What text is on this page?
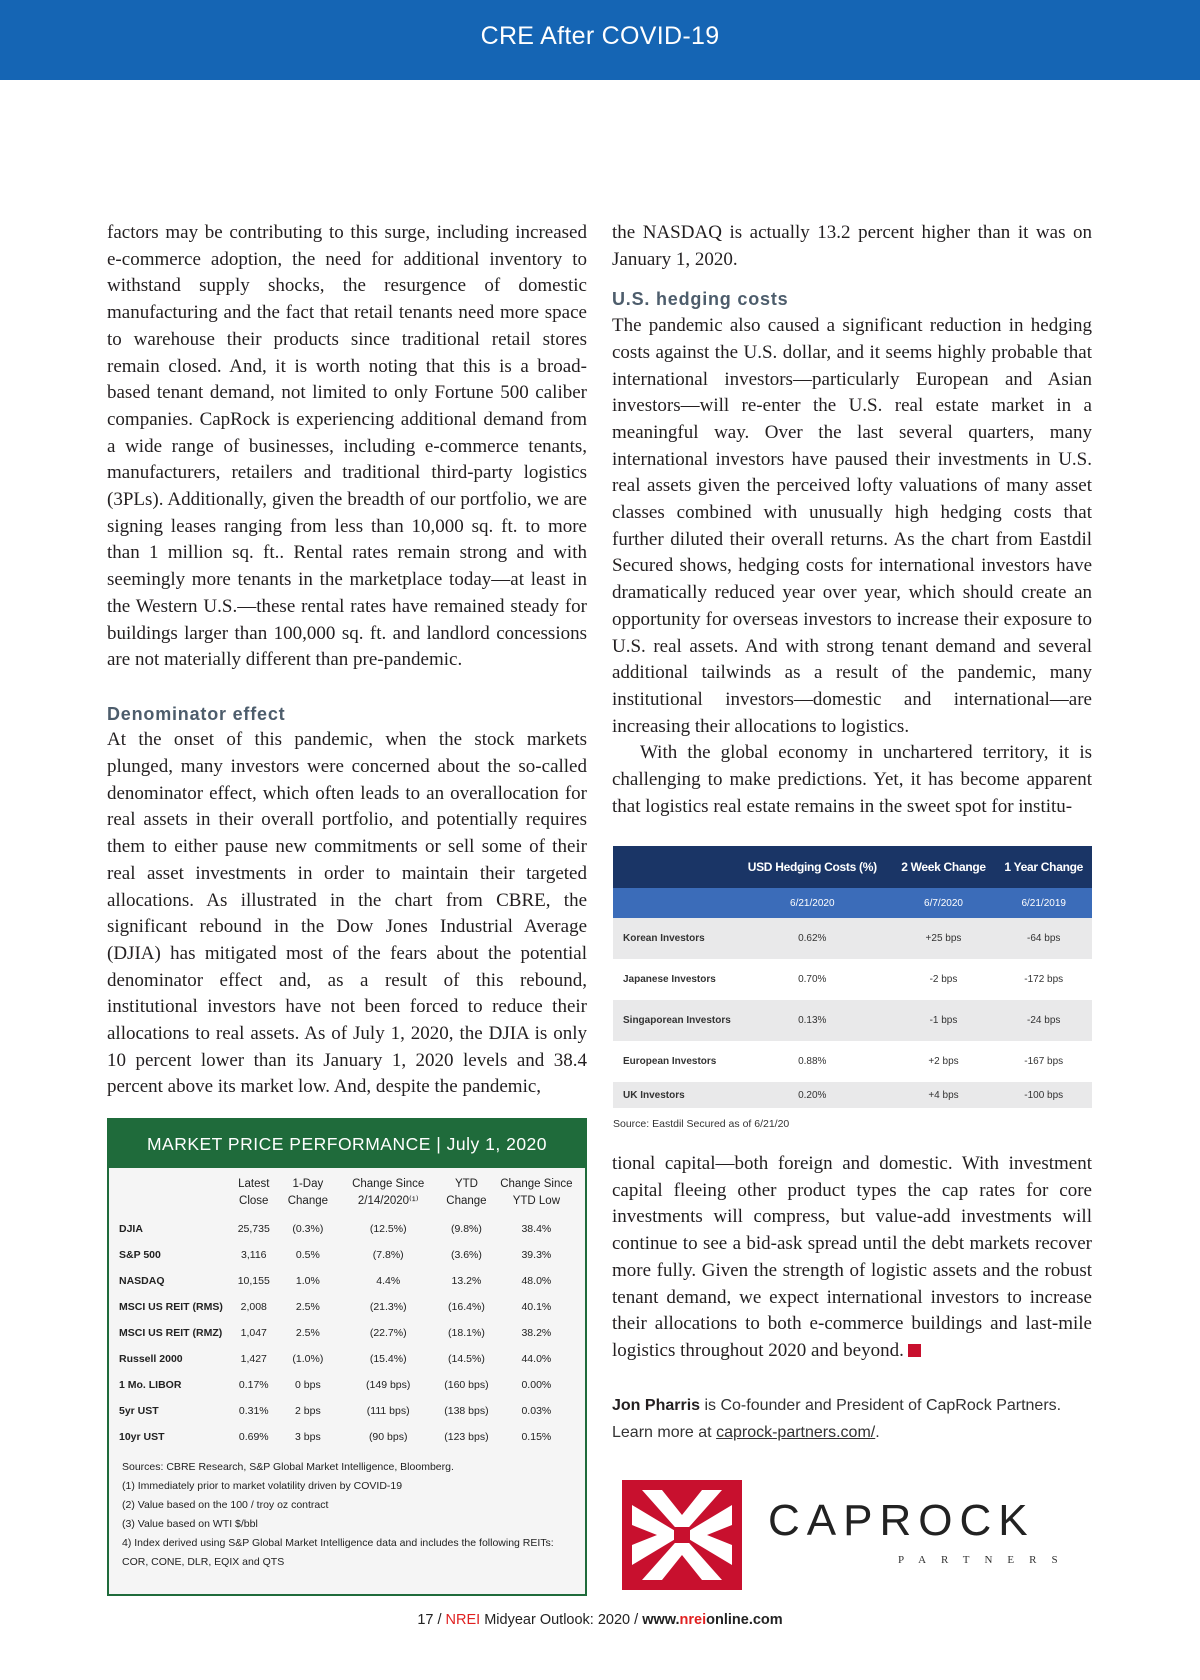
CRE After COVID-19

factors may be contributing to this surge, including increased e-commerce adoption, the need for additional inventory to withstand supply shocks, the resurgence of domestic manufacturing and the fact that retail tenants need more space to warehouse their products since traditional retail stores remain closed. And, it is worth noting that this is a broad-based tenant demand, not limited to only Fortune 500 caliber companies. CapRock is experiencing additional demand from a wide range of businesses, including e-commerce tenants, manufacturers, retailers and traditional third-party logistics (3PLs). Additionally, given the breadth of our portfolio, we are signing leases ranging from less than 10,000 sq. ft. to more than 1 million sq. ft.. Rental rates remain strong and with seemingly more tenants in the marketplace today—at least in the Western U.S.—these rental rates have remained steady for buildings larger than 100,000 sq. ft. and landlord concessions are not materially different than pre-pandemic.

Denominator effect

At the onset of this pandemic, when the stock markets plunged, many investors were concerned about the so-called denominator effect, which often leads to an overallocation for real assets in their overall portfolio, and potentially requires them to either pause new commitments or sell some of their real asset investments in order to maintain their targeted allocations. As illustrated in the chart from CBRE, the significant rebound in the Dow Jones Industrial Average (DJIA) has mitigated most of the fears about the potential denominator effect and, as a result of this rebound, institutional investors have not been forced to reduce their allocations to real assets. As of July 1, 2020, the DJIA is only 10 percent lower than its January 1, 2020 levels and 38.4 percent above its market low. And, despite the pandemic,

the NASDAQ is actually 13.2 percent higher than it was on January 1, 2020.

U.S. hedging costs

The pandemic also caused a significant reduction in hedging costs against the U.S. dollar, and it seems highly probable that international investors—particularly European and Asian investors—will re-enter the U.S. real estate market in a meaningful way. Over the last several quarters, many international investors have paused their investments in U.S. real assets given the perceived lofty valuations of many asset classes combined with unusually high hedging costs that further diluted their overall returns. As the chart from Eastdil Secured shows, hedging costs for international investors have dramatically reduced year over year, which should create an opportunity for overseas investors to increase their exposure to U.S. real assets. And with strong tenant demand and several additional tailwinds as a result of the pandemic, many institutional investors—domestic and international—are increasing their allocations to logistics.

With the global economy in unchartered territory, it is challenging to make predictions. Yet, it has become apparent that logistics real estate remains in the sweet spot for institu-

tional capital—both foreign and domestic. With investment capital fleeing other product types the cap rates for core investments will compress, but value-add investments will continue to see a bid-ask spread until the debt markets recover more fully. Given the strength of logistic assets and the robust tenant demand, we expect international investors to increase their allocations to both e-commerce buildings and last-mile logistics throughout 2020 and beyond.

MARKET PRICE PERFORMANCE | July 1, 2020
	Latest Close	1-Day Change	Change Since 2/14/2020⁽¹⁾	YTD Change	Change Since YTD Low
DJIA	25,735	(0.3%)	(12.5%)	(9.8%)	38.4%
S&P 500	3,116	0.5%	(7.8%)	(3.6%)	39.3%
NASDAQ	10,155	1.0%	4.4%	13.2%	48.0%
MSCI US REIT (RMS)	2,008	2.5%	(21.3%)	(16.4%)	40.1%
MSCI US REIT (RMZ)	1,047	2.5%	(22.7%)	(18.1%)	38.2%
Russell 2000	1,427	(1.0%)	(15.4%)	(14.5%)	44.0%
1 Mo. LIBOR	0.17%	0 bps	(149 bps)	(160 bps)	0.00%
5yr UST	0.31%	2 bps	(111 bps)	(138 bps)	0.03%
10yr UST	0.69%	3 bps	(90 bps)	(123 bps)	0.15%
Sources: CBRE Research, S&P Global Market Intelligence, Bloomberg.
(1) Immediately prior to market volatility driven by COVID-19
(2) Value based on the 100 / troy oz contract
(3) Value based on WTI $/bbl
4) Index derived using S&P Global Market Intelligence data and includes the following REITs: COR, CONE, DLR, EQIX and QTS
	USD Hedging Costs (%)	2 Week Change	1 Year Change
	6/21/2020	6/7/2020	6/21/2019
Korean Investors	0.62%	+25 bps	-64 bps
Japanese Investors	0.70%	-2 bps	-172 bps
Singaporean Investors	0.13%	-1 bps	-24 bps
European Investors	0.88%	+2 bps	-167 bps
UK Investors	0.20%	+4 bps	-100 bps
Source: Eastdil Secured as of 6/21/20
Jon Pharris is Co-founder and President of CapRock Partners.
Learn more at caprock-partners.com/.
CAPROCK
PARTNERS
17 / NREI Midyear Outlook: 2020 / www.nreionline.com
